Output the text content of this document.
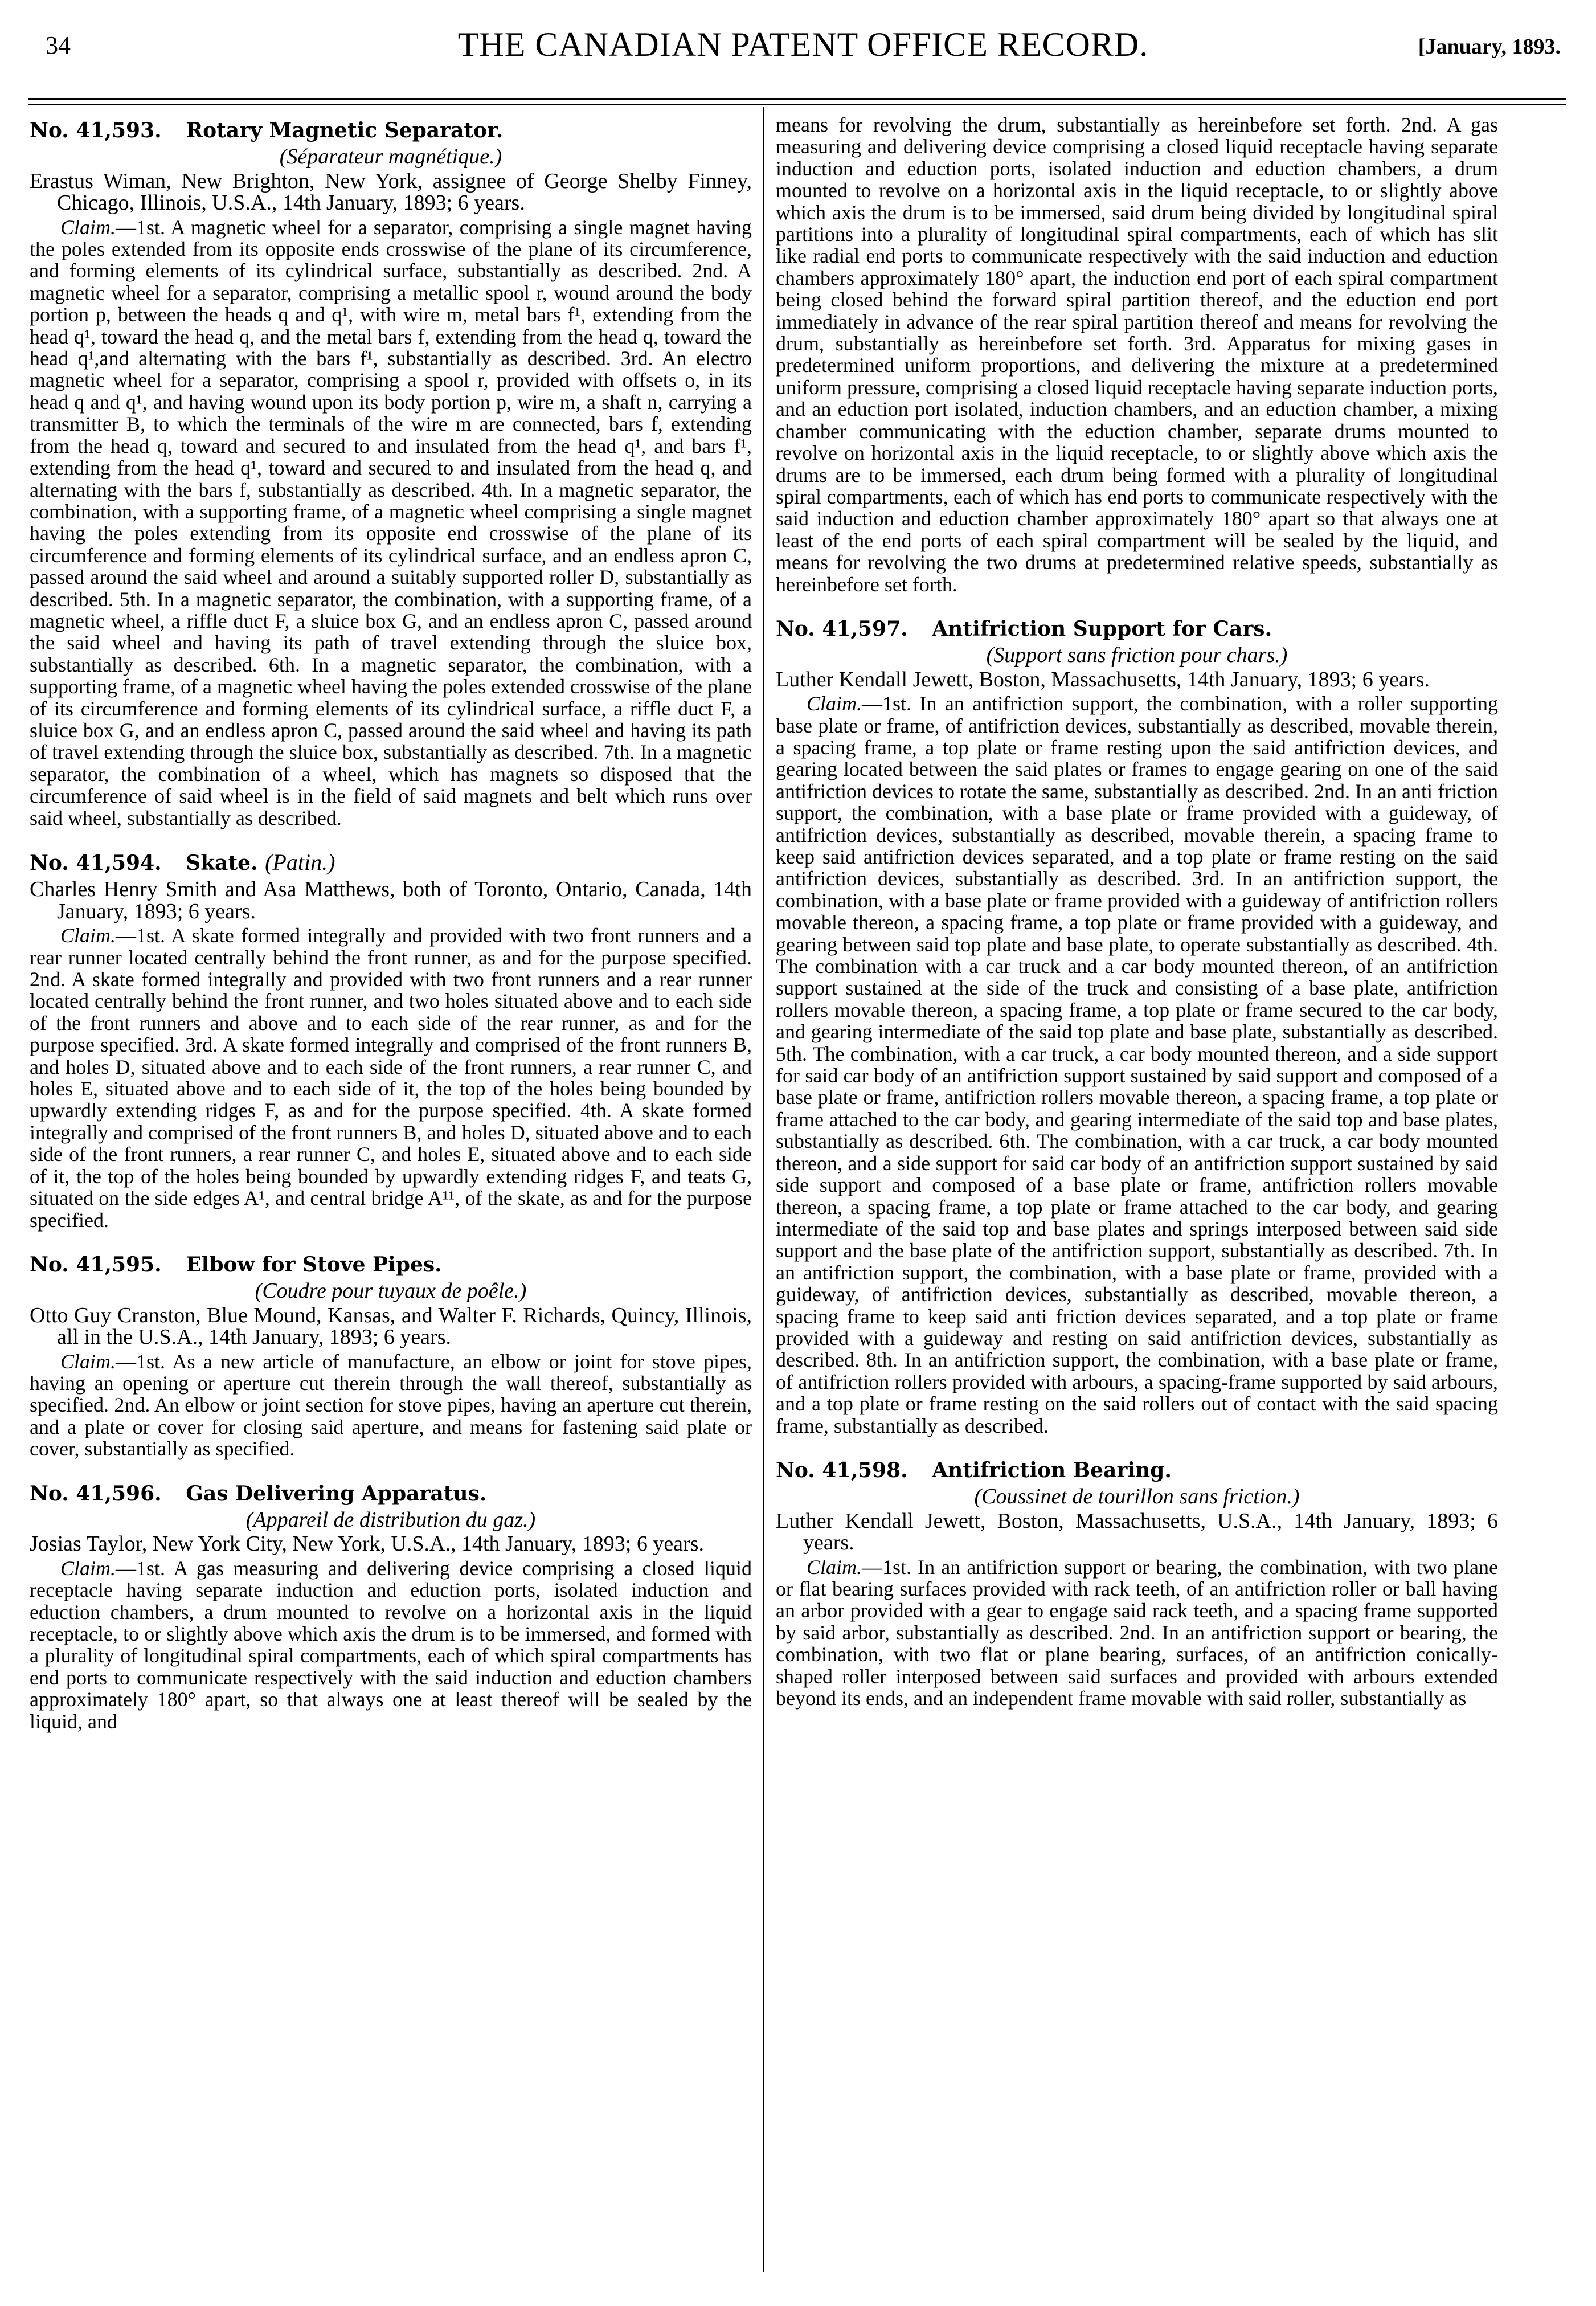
34	THE CANADIAN PATENT OFFICE RECORD.	[January, 1893.
No. 41,593. Rotary Magnetic Separator.
(Séparateur magnétique.)

Erastus Wiman, New Brighton, New York, assignee of George Shelby Finney, Chicago, Illinois, U.S.A., 14th January, 1893; 6 years.

Claim.—1st. A magnetic wheel for a separator, comprising a single magnet having the poles extended from its opposite ends crosswise of the plane of its circumference, and forming elements of its cylindrical surface, substantially as described. 2nd. A magnetic wheel for a separator, comprising a metallic spool r, wound around the body portion p, between the heads q and q¹, with wire m, metal bars f¹, extending from the head q¹, toward the head q, and the metal bars f, extending from the head q, toward the head q¹,and alternating with the bars f¹, substantially as described. 3rd. An electro magnetic wheel for a separator, comprising a spool r, provided with offsets o, in its head q and q¹, and having wound upon its body portion p, wire m, a shaft n, carrying a transmitter B, to which the terminals of the wire m are connected, bars f, extending from the head q, toward and secured to and insulated from the head q¹, and bars f¹, extending from the head q¹, toward and secured to and insulated from the head q, and alternating with the bars f, substantially as described. 4th. In a magnetic separator, the combination, with a supporting frame, of a magnetic wheel comprising a single magnet having the poles extending from its opposite end crosswise of the plane of its circumference and forming elements of its cylindrical surface, and an endless apron C, passed around the said wheel and around a suitably supported roller D, substantially as described. 5th. In a magnetic separator, the combination, with a supporting frame, of a magnetic wheel, a riffle duct F, a sluice box G, and an endless apron C, passed around the said wheel and having its path of travel extending through the sluice box, substantially as described. 6th. In a magnetic separator, the combination, with a supporting frame, of a magnetic wheel having the poles extended crosswise of the plane of its circumference and forming elements of its cylindrical surface, a riffle duct F, a sluice box G, and an endless apron C, passed around the said wheel and having its path of travel extending through the sluice box, substantially as described. 7th. In a magnetic separator, the combination of a wheel, which has magnets so disposed that the circumference of said wheel is in the field of said magnets and belt which runs over said wheel, substantially as described.

No. 41,594. Skate. (Patin.)

Charles Henry Smith and Asa Matthews, both of Toronto, Ontario, Canada, 14th January, 1893; 6 years.

Claim.—1st. A skate formed integrally and provided with two front runners and a rear runner located centrally behind the front runner, as and for the purpose specified. 2nd. A skate formed integrally and provided with two front runners and a rear runner located centrally behind the front runner, and two holes situated above and to each side of the front runners and above and to each side of the rear runner, as and for the purpose specified. 3rd. A skate formed integrally and comprised of the front runners B, and holes D, situated above and to each side of the front runners, a rear runner C, and holes E, situated above and to each side of it, the top of the holes being bounded by upwardly extending ridges F, as and for the purpose specified. 4th. A skate formed integrally and comprised of the front runners B, and holes D, situated above and to each side of the front runners, a rear runner C, and holes E, situated above and to each side of it, the top of the holes being bounded by upwardly extending ridges F, and teats G, situated on the side edges A¹, and central bridge A¹¹, of the skate, as and for the purpose specified.

No. 41,595. Elbow for Stove Pipes.
(Coudre pour tuyaux de poêle.)

Otto Guy Cranston, Blue Mound, Kansas, and Walter F. Richards, Quincy, Illinois, all in the U.S.A., 14th January, 1893; 6 years.

Claim.—1st. As a new article of manufacture, an elbow or joint for stove pipes, having an opening or aperture cut therein through the wall thereof, substantially as specified. 2nd. An elbow or joint section for stove pipes, having an aperture cut therein, and a plate or cover for closing said aperture, and means for fastening said plate or cover, substantially as specified.

No. 41,596. Gas Delivering Apparatus.
(Appareil de distribution du gaz.)

Josias Taylor, New York City, New York, U.S.A., 14th January, 1893; 6 years.

Claim.—1st. A gas measuring and delivering device comprising a closed liquid receptacle having separate induction and eduction ports, isolated induction and eduction chambers, a drum mounted to revolve on a horizontal axis in the liquid receptacle, to or slightly above which axis the drum is to be immersed, and formed with a plurality of longitudinal spiral compartments, each of which spiral compartments has end ports to communicate respectively with the said induction and eduction chambers approximately 180° apart, so that always one at least thereof will be sealed by the liquid, and

means for revolving the drum, substantially as hereinbefore set forth. 2nd. A gas measuring and delivering device comprising a closed liquid receptacle having separate induction and eduction ports, isolated induction and eduction chambers, a drum mounted to revolve on a horizontal axis in the liquid receptacle, to or slightly above which axis the drum is to be immersed, said drum being divided by longitudinal spiral partitions into a plurality of longitudinal spiral compartments, each of which has slit like radial end ports to communicate respectively with the said induction and eduction chambers approximately 180° apart, the induction end port of each spiral compartment being closed behind the forward spiral partition thereof, and the eduction end port immediately in advance of the rear spiral partition thereof and means for revolving the drum, substantially as hereinbefore set forth. 3rd. Apparatus for mixing gases in predetermined uniform proportions, and delivering the mixture at a predetermined uniform pressure, comprising a closed liquid receptacle having separate induction ports, and an eduction port isolated, induction chambers, and an eduction chamber, a mixing chamber communicating with the eduction chamber, separate drums mounted to revolve on horizontal axis in the liquid receptacle, to or slightly above which axis the drums are to be immersed, each drum being formed with a plurality of longitudinal spiral compartments, each of which has end ports to communicate respectively with the said induction and eduction chamber approximately 180° apart so that always one at least of the end ports of each spiral compartment will be sealed by the liquid, and means for revolving the two drums at predetermined relative speeds, substantially as hereinbefore set forth.

No. 41,597. Antifriction Support for Cars.
(Support sans friction pour chars.)

Luther Kendall Jewett, Boston, Massachusetts, 14th January, 1893; 6 years.

Claim.—1st. In an antifriction support, the combination, with a roller supporting base plate or frame, of antifriction devices, substantially as described, movable therein, a spacing frame, a top plate or frame resting upon the said antifriction devices, and gearing located between the said plates or frames to engage gearing on one of the said antifriction devices to rotate the same, substantially as described. 2nd. In an anti friction support, the combination, with a base plate or frame provided with a guideway, of antifriction devices, substantially as described, movable therein, a spacing frame to keep said antifriction devices separated, and a top plate or frame resting on the said antifriction devices, substantially as described. 3rd. In an antifriction support, the combination, with a base plate or frame provided with a guideway of antifriction rollers movable thereon, a spacing frame, a top plate or frame provided with a guideway, and gearing between said top plate and base plate, to operate substantially as described. 4th. The combination with a car truck and a car body mounted thereon, of an antifriction support sustained at the side of the truck and consisting of a base plate, antifriction rollers movable thereon, a spacing frame, a top plate or frame secured to the car body, and gearing intermediate of the said top plate and base plate, substantially as described. 5th. The combination, with a car truck, a car body mounted thereon, and a side support for said car body of an antifriction support sustained by said support and composed of a base plate or frame, antifriction rollers movable thereon, a spacing frame, a top plate or frame attached to the car body, and gearing intermediate of the said top and base plates, substantially as described. 6th. The combination, with a car truck, a car body mounted thereon, and a side support for said car body of an antifriction support sustained by said side support and composed of a base plate or frame, antifriction rollers movable thereon, a spacing frame, a top plate or frame attached to the car body, and gearing intermediate of the said top and base plates and springs interposed between said side support and the base plate of the antifriction support, substantially as described. 7th. In an antifriction support, the combination, with a base plate or frame, provided with a guideway, of antifriction devices, substantially as described, movable thereon, a spacing frame to keep said anti friction devices separated, and a top plate or frame provided with a guideway and resting on said antifriction devices, substantially as described. 8th. In an antifriction support, the combination, with a base plate or frame, of antifriction rollers provided with arbours, a spacing-frame supported by said arbours, and a top plate or frame resting on the said rollers out of contact with the said spacing frame, substantially as described.

No. 41,598. Antifriction Bearing.
(Coussinet de tourillon sans friction.)

Luther Kendall Jewett, Boston, Massachusetts, U.S.A., 14th January, 1893; 6 years.

Claim.—1st. In an antifriction support or bearing, the combination, with two plane or flat bearing surfaces provided with rack teeth, of an antifriction roller or ball having an arbor provided with a gear to engage said rack teeth, and a spacing frame supported by said arbor, substantially as described. 2nd. In an antifriction support or bearing, the combination, with two flat or plane bearing, surfaces, of an antifriction conically-shaped roller interposed between said surfaces and provided with arbours extended beyond its ends, and an independent frame movable with said roller, substantially as
